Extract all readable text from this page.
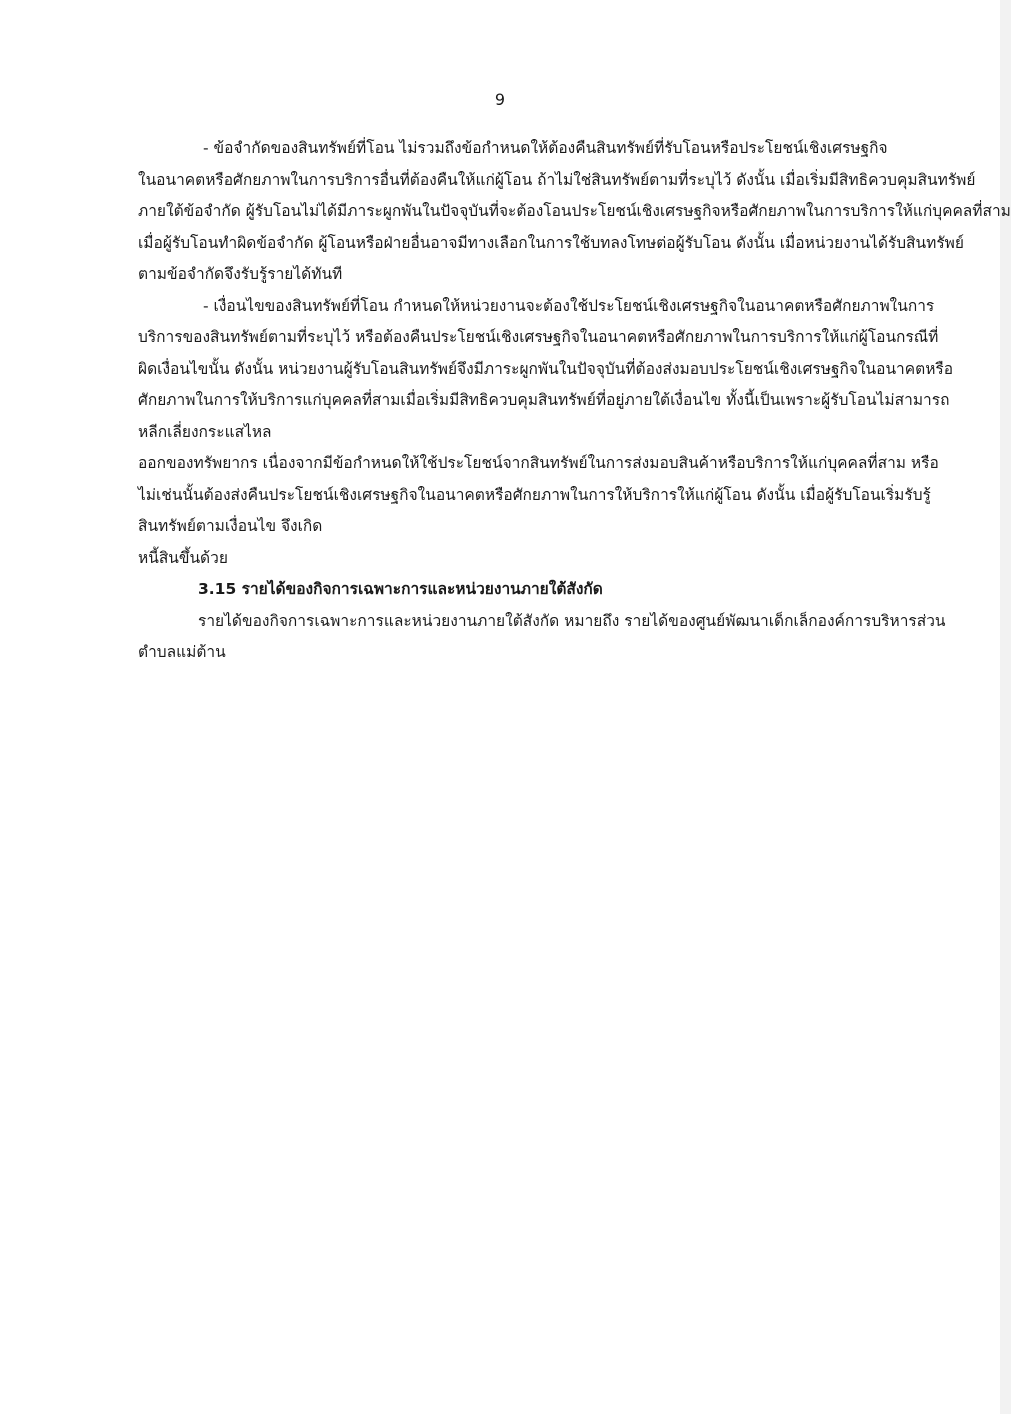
9
- ข้อจำกัดของสินทรัพย์ที่โอน ไม่รวมถึงข้อกำหนดให้ต้องคืนสินทรัพย์ที่รับโอนหรือประโยชน์เชิงเศรษฐกิจ
ในอนาคตหรือศักยภาพในการบริการอื่นที่ต้องคืนให้แก่ผู้โอน ถ้าไม่ใช่สินทรัพย์ตามที่ระบุไว้ ดังนั้น เมื่อเริ่มมีสิทธิควบคุมสินทรัพย์
ภายใต้ข้อจำกัด ผู้รับโอนไม่ได้มีภาระผูกพันในปัจจุบันที่จะต้องโอนประโยชน์เชิงเศรษฐกิจหรือศักยภาพในการบริการให้แก่บุคคลที่สาม
เมื่อผู้รับโอนทำผิดข้อจำกัด ผู้โอนหรือฝ่ายอื่นอาจมีทางเลือกในการใช้บทลงโทษต่อผู้รับโอน ดังนั้น เมื่อหน่วยงานได้รับสินทรัพย์
ตามข้อจำกัดจึงรับรู้รายได้ทันที
- เงื่อนไขของสินทรัพย์ที่โอน กำหนดให้หน่วยงานจะต้องใช้ประโยชน์เชิงเศรษฐกิจในอนาคตหรือศักยภาพในการ
บริการของสินทรัพย์ตามที่ระบุไว้ หรือต้องคืนประโยชน์เชิงเศรษฐกิจในอนาคตหรือศักยภาพในการบริการให้แก่ผู้โอนกรณีที่
ผิดเงื่อนไขนั้น ดังนั้น หน่วยงานผู้รับโอนสินทรัพย์จึงมีภาระผูกพันในปัจจุบันที่ต้องส่งมอบประโยชน์เชิงเศรษฐกิจในอนาคตหรือ
ศักยภาพในการให้บริการแก่บุคคลที่สามเมื่อเริ่มมีสิทธิควบคุมสินทรัพย์ที่อยู่ภายใต้เงื่อนไข ทั้งนี้เป็นเพราะผู้รับโอนไม่สามารถ
หลีกเลี่ยงกระแสไหล
ออกของทรัพยากร เนื่องจากมีข้อกำหนดให้ใช้ประโยชน์จากสินทรัพย์ในการส่งมอบสินค้าหรือบริการให้แก่บุคคลที่สาม หรือ
ไม่เช่นนั้นต้องส่งคืนประโยชน์เชิงเศรษฐกิจในอนาคตหรือศักยภาพในการให้บริการให้แก่ผู้โอน ดังนั้น เมื่อผู้รับโอนเริ่มรับรู้
สินทรัพย์ตามเงื่อนไข จึงเกิด
หนี้สินขึ้นด้วย
3.15 รายได้ของกิจการเฉพาะการและหน่วยงานภายใต้สังกัด
รายได้ของกิจการเฉพาะการและหน่วยงานภายใต้สังกัด หมายถึง รายได้ของศูนย์พัฒนาเด็กเล็กองค์การบริหารส่วน
ตำบลแม่ต้าน
